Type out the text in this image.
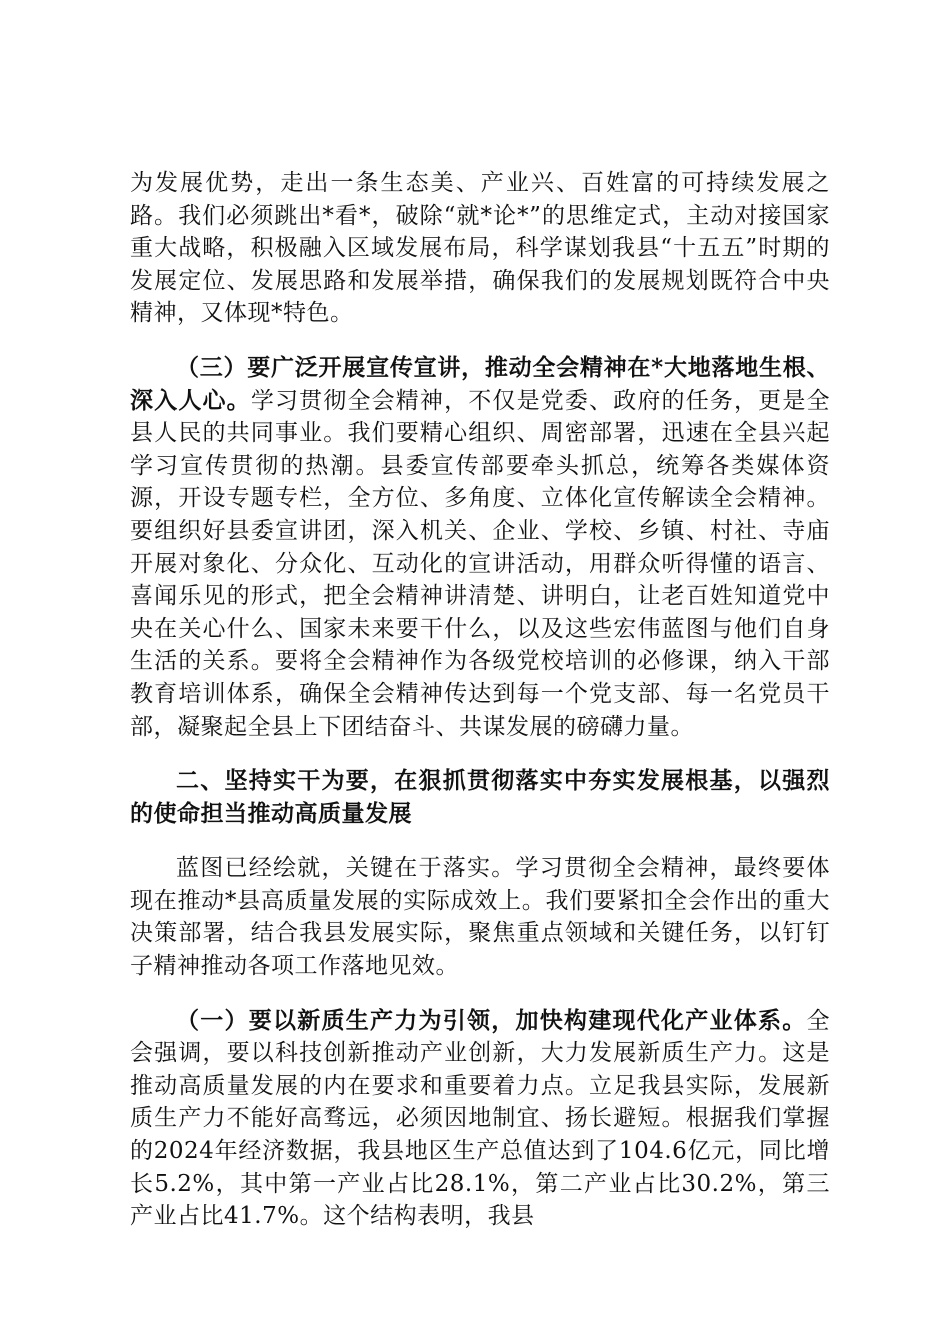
为发展优势，走出一条生态美、产业兴、百姓富的可持续发展之路。我们必须跳出*看*，破除“就*论*”的思维定式，主动对接国家重大战略，积极融入区域发展布局，科学谋划我县“十五五”时期的发展定位、发展思路和发展举措，确保我们的发展规划既符合中央精神，又体现*特色。

（三）要广泛开展宣传宣讲，推动全会精神在*大地落地生根、深入人心。学习贯彻全会精神，不仅是党委、政府的任务，更是全县人民的共同事业。我们要精心组织、周密部署，迅速在全县兴起学习宣传贯彻的热潮。县委宣传部要牵头抓总，统筹各类媒体资源，开设专题专栏，全方位、多角度、立体化宣传解读全会精神。要组织好县委宣讲团，深入机关、企业、学校、乡镇、村社、寺庙开展对象化、分众化、互动化的宣讲活动，用群众听得懂的语言、喜闻乐见的形式，把全会精神讲清楚、讲明白，让老百姓知道党中央在关心什么、国家未来要干什么，以及这些宏伟蓝图与他们自身生活的关系。要将全会精神作为各级党校培训的必修课，纳入干部教育培训体系，确保全会精神传达到每一个党支部、每一名党员干部，凝聚起全县上下团结奋斗、共谋发展的磅礴力量。

二、坚持实干为要，在狠抓贯彻落实中夯实发展根基，以强烈的使命担当推动高质量发展

蓝图已经绘就，关键在于落实。学习贯彻全会精神，最终要体现在推动*县高质量发展的实际成效上。我们要紧扣全会作出的重大决策部署，结合我县发展实际，聚焦重点领域和关键任务，以钉钉子精神推动各项工作落地见效。

（一）要以新质生产力为引领，加快构建现代化产业体系。全会强调，要以科技创新推动产业创新，大力发展新质生产力。这是推动高质量发展的内在要求和重要着力点。立足我县实际，发展新质生产力不能好高骛远，必须因地制宜、扬长避短。根据我们掌握的2024年经济数据，我县地区生产总值达到了104.6亿元，同比增长5.2%，其中第一产业占比28.1%，第二产业占比30.2%，第三产业占比41.7%。这个结构表明，我县
